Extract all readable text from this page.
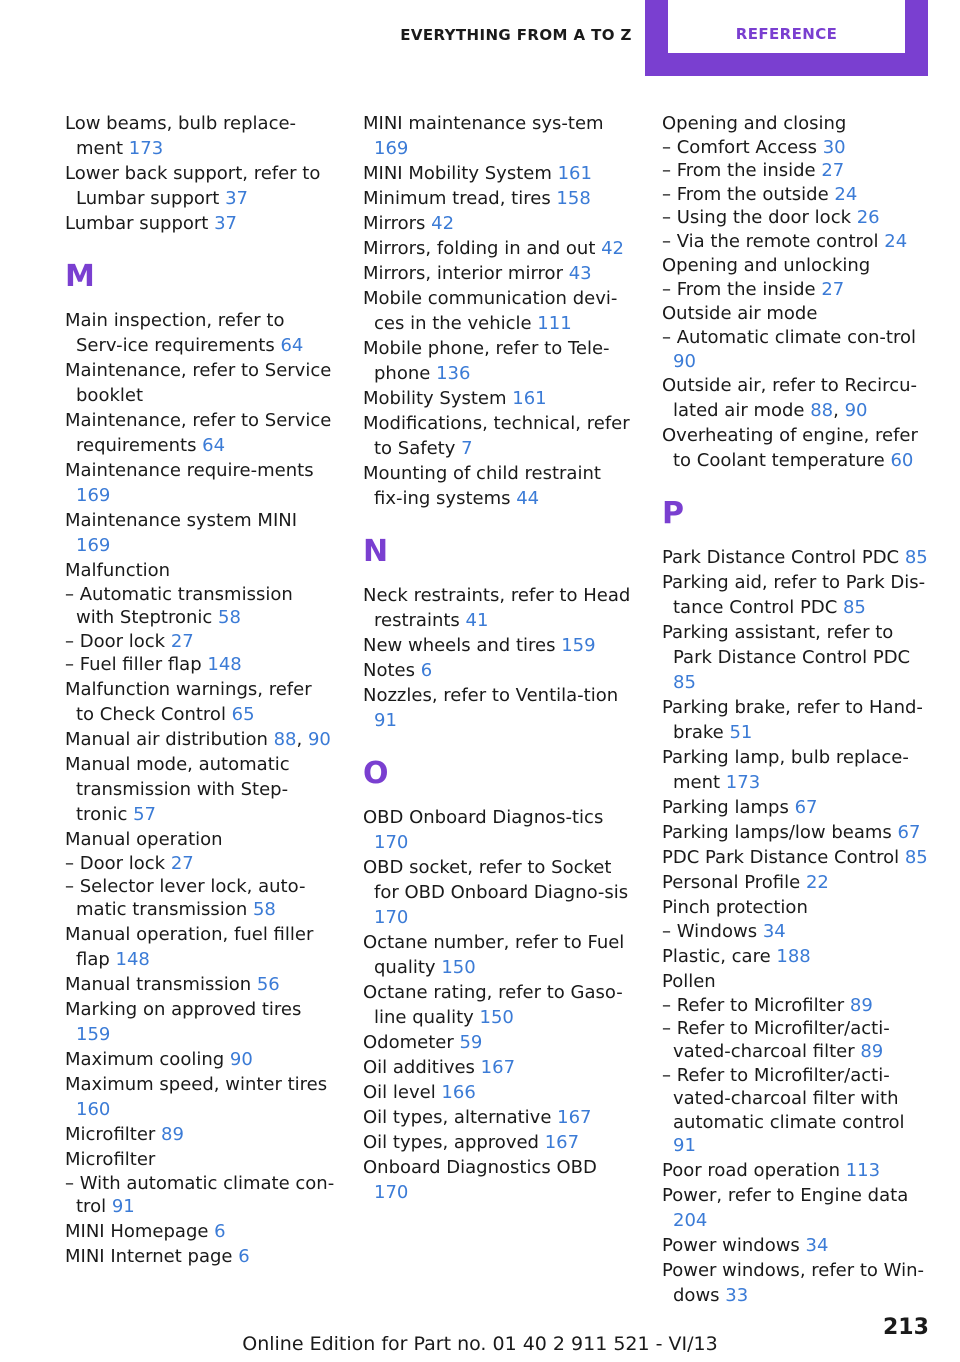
EVERYTHING FROM A TO Z	REFERENCE
Low beams, bulb replace-ment 173
Lower back support, refer to Lumbar support 37
Lumbar support 37
M
Main inspection, refer to Serv-ice requirements 64
Maintenance, refer to Service booklet
Maintenance, refer to Service requirements 64
Maintenance require-ments 169
Maintenance system MINI 169
Malfunction
– Automatic transmission with Steptronic 58
– Door lock 27
– Fuel filler flap 148
Malfunction warnings, refer to Check Control 65
Manual air distribution 88, 90
Manual mode, automatic transmission with Step-tronic 57
Manual operation
– Door lock 27
– Selector lever lock, auto-matic transmission 58
Manual operation, fuel filler flap 148
Manual transmission 56
Marking on approved tires 159
Maximum cooling 90
Maximum speed, winter tires 160
Microfilter 89
Microfilter
– With automatic climate con-trol 91
MINI Homepage 6
MINI Internet page 6
MINI maintenance sys-tem 169
MINI Mobility System 161
Minimum tread, tires 158
Mirrors 42
Mirrors, folding in and out 42
Mirrors, interior mirror 43
Mobile communication devi-ces in the vehicle 111
Mobile phone, refer to Tele-phone 136
Mobility System 161
Modifications, technical, refer to Safety 7
Mounting of child restraint fix-ing systems 44
N
Neck restraints, refer to Head restraints 41
New wheels and tires 159
Notes 6
Nozzles, refer to Ventila-tion 91
O
OBD Onboard Diagnos-tics 170
OBD socket, refer to Socket for OBD Onboard Diagno-sis 170
Octane number, refer to Fuel quality 150
Octane rating, refer to Gaso-line quality 150
Odometer 59
Oil additives 167
Oil level 166
Oil types, alternative 167
Oil types, approved 167
Onboard Diagnostics OBD 170
Opening and closing
– Comfort Access 30
– From the inside 27
– From the outside 24
– Using the door lock 26
– Via the remote control 24
Opening and unlocking
– From the inside 27
Outside air mode
– Automatic climate con-trol 90
Outside air, refer to Recircu-lated air mode 88, 90
Overheating of engine, refer to Coolant temperature 60
P
Park Distance Control PDC 85
Parking aid, refer to Park Dis-tance Control PDC 85
Parking assistant, refer to Park Distance Control PDC 85
Parking brake, refer to Hand-brake 51
Parking lamp, bulb replace-ment 173
Parking lamps 67
Parking lamps/low beams 67
PDC Park Distance Control 85
Personal Profile 22
Pinch protection
– Windows 34
Plastic, care 188
Pollen
– Refer to Microfilter 89
– Refer to Microfilter/acti-vated-charcoal filter 89
– Refer to Microfilter/acti-vated-charcoal filter with automatic climate control 91
Poor road operation 113
Power, refer to Engine data 204
Power windows 34
Power windows, refer to Win-dows 33
213
Online Edition for Part no. 01 40 2 911 521 - VI/13
